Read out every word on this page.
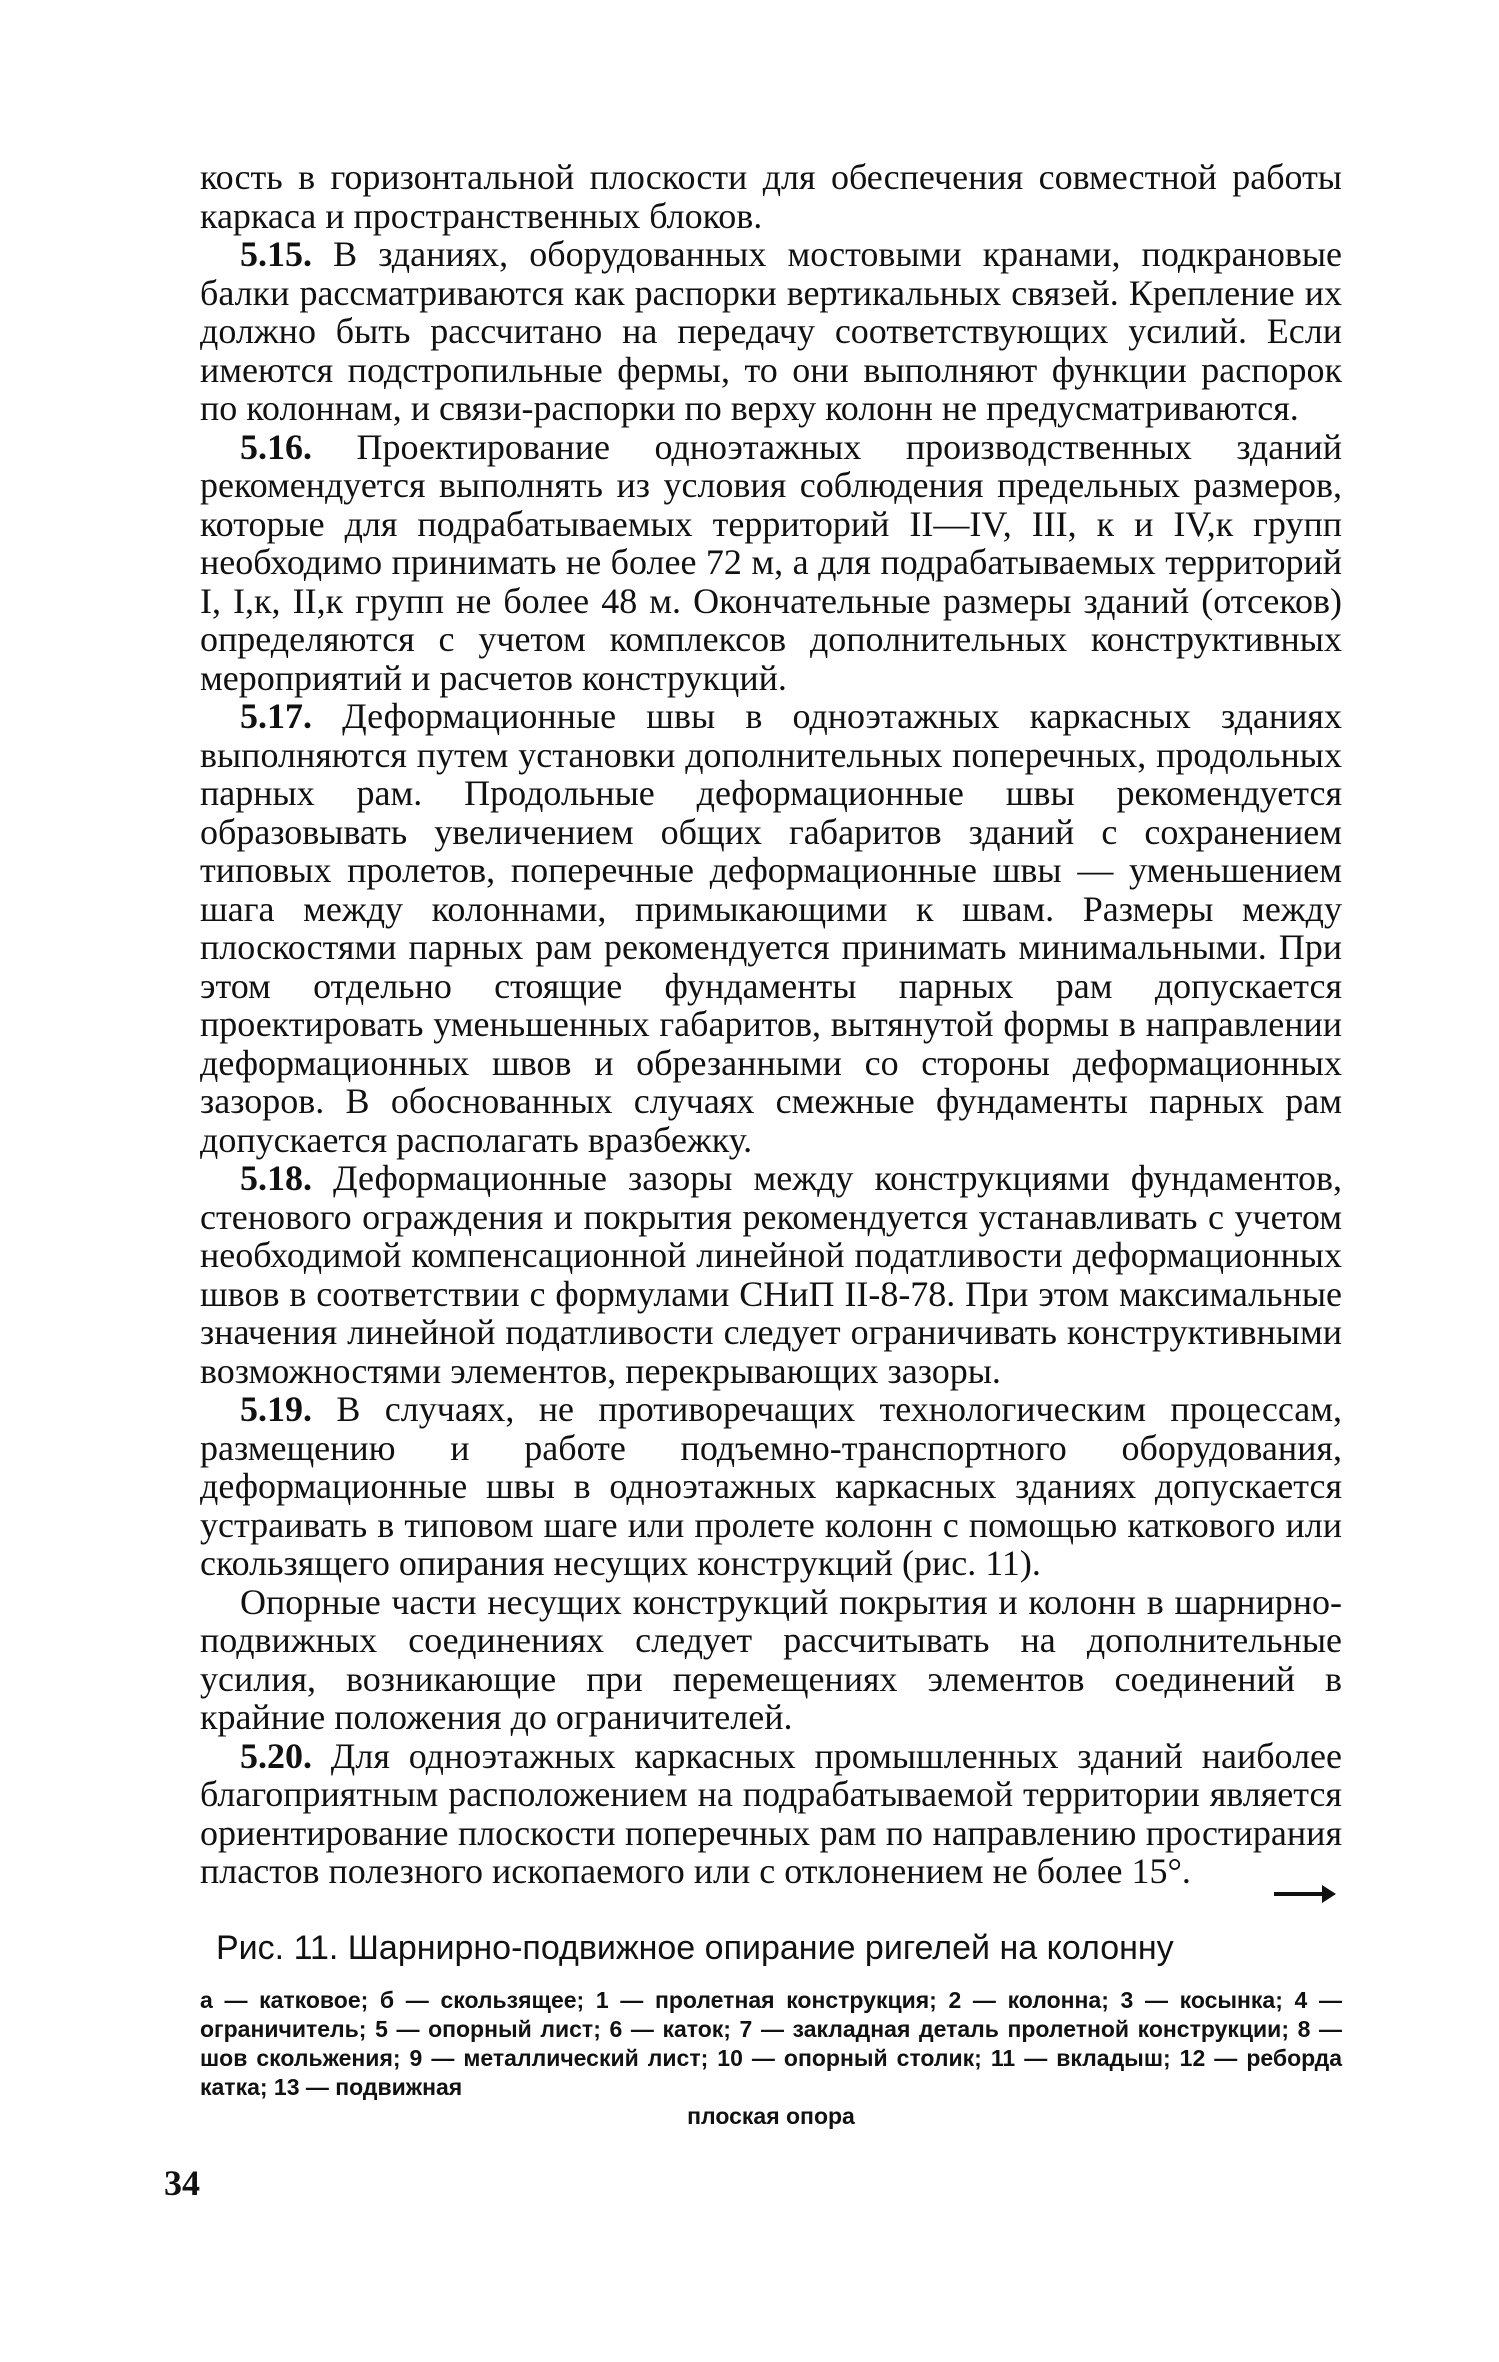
кость в горизонтальной плоскости для обеспечения совместной работы каркаса и пространственных блоков.

5.15. В зданиях, оборудованных мостовыми кранами, подкрановые балки рассматриваются как распорки вертикальных связей. Крепление их должно быть рассчитано на передачу соответствующих усилий. Если имеются подстропильные фермы, то они выполняют функции распорок по колоннам, и связи-распорки по верху колонн не предусматриваются.

5.16. Проектирование одноэтажных производственных зданий рекомендуется выполнять из условия соблюдения предельных размеров, которые для подрабатываемых территорий II—IV, III, к и IV,к групп необходимо принимать не более 72 м, а для подрабатываемых территорий I, I,к, II,к групп не более 48 м. Окончательные размеры зданий (отсеков) определяются с учетом комплексов дополнительных конструктивных мероприятий и расчетов конструкций.

5.17. Деформационные швы в одноэтажных каркасных зданиях выполняются путем установки дополнительных поперечных, продольных парных рам. Продольные деформационные швы рекомендуется образовывать увеличением общих габаритов зданий с сохранением типовых пролетов, поперечные деформационные швы — уменьшением шага между колоннами, примыкающими к швам. Размеры между плоскостями парных рам рекомендуется принимать минимальными. При этом отдельно стоящие фундаменты парных рам допускается проектировать уменьшенных габаритов, вытянутой формы в направлении деформационных швов и обрезанными со стороны деформационных зазоров. В обоснованных случаях смежные фундаменты парных рам допускается располагать вразбежку.

5.18. Деформационные зазоры между конструкциями фундаментов, стенового ограждения и покрытия рекомендуется устанавливать с учетом необходимой компенсационной линейной податливости деформационных швов в соответствии с формулами СНиП II-8-78. При этом максимальные значения линейной податливости следует ограничивать конструктивными возможностями элементов, перекрывающих зазоры.

5.19. В случаях, не противоречащих технологическим процессам, размещению и работе подъемно-транспортного оборудования, деформационные швы в одноэтажных каркасных зданиях допускается устраивать в типовом шаге или пролете колонн с помощью каткового или скользящего опирания несущих конструкций (рис. 11).

Опорные части несущих конструкций покрытия и колонн в шарнирно-подвижных соединениях следует рассчитывать на дополнительные усилия, возникающие при перемещениях элементов соединений в крайние положения до ограничителей.

5.20. Для одноэтажных каркасных промышленных зданий наиболее благоприятным расположением на подрабатываемой территории является ориентирование плоскости поперечных рам по направлению простирания пластов полезного ископаемого или с отклонением не более 15°.

Рис. 11. Шарнирно-подвижное опирание ригелей на колонну
а — катковое; б — скользящее; 1 — пролетная конструкция; 2 — колонна; 3 — косынка; 4 — ограничитель; 5 — опорный лист; 6 — каток; 7 — закладная деталь пролетной конструкции; 8 — шов скольжения; 9 — металлический лист; 10 — опорный столик; 11 — вкладыш; 12 — реборда катка; 13 — подвижная
плоская опора
34
